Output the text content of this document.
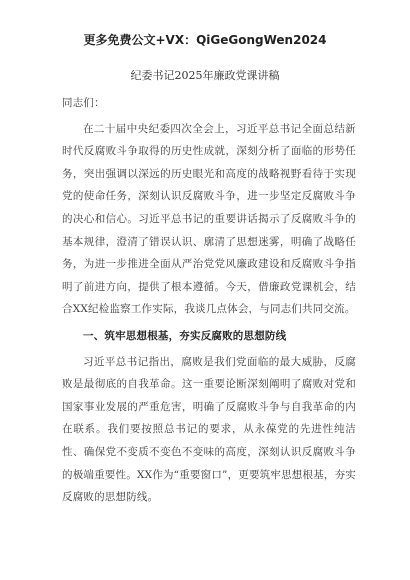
更多免费公文+VX：QiGeGongWen2024
纪委书记2025年廉政党课讲稿

同志们：

在二十届中央纪委四次全会上，习近平总书记全面总结新时代反腐败斗争取得的历史性成就，深刻分析了面临的形势任务，突出强调以深远的历史眼光和高度的战略视野看待于实现党的使命任务，深刻认识反腐败斗争，进一步坚定反腐败斗争的决心和信心。习近平总书记的重要讲话揭示了反腐败斗争的基本规律，澄清了错误认识、廓清了思想迷雾，明确了战略任务，为进一步推进全面从严治党党风廉政建设和反腐败斗争指明了前进方向，提供了根本遵循。今天，借廉政党课机会，结合XX纪检监察工作实际，我谈几点体会，与同志们共同交流。

一、筑牢思想根基，夯实反腐败的思想防线

习近平总书记指出，腐败是我们党面临的最大威胁，反腐败是最彻底的自我革命。这一重要论断深刻阐明了腐败对党和国家事业发展的严重危害，明确了反腐败斗争与自我革命的内在联系。我们要按照总书记的要求，从永葆党的先进性纯洁性、确保党不变质不变色不变味的高度，深刻认识反腐败斗争的极端重要性。XX作为“重要窗口”，更要筑牢思想根基，夯实反腐败的思想防线。
